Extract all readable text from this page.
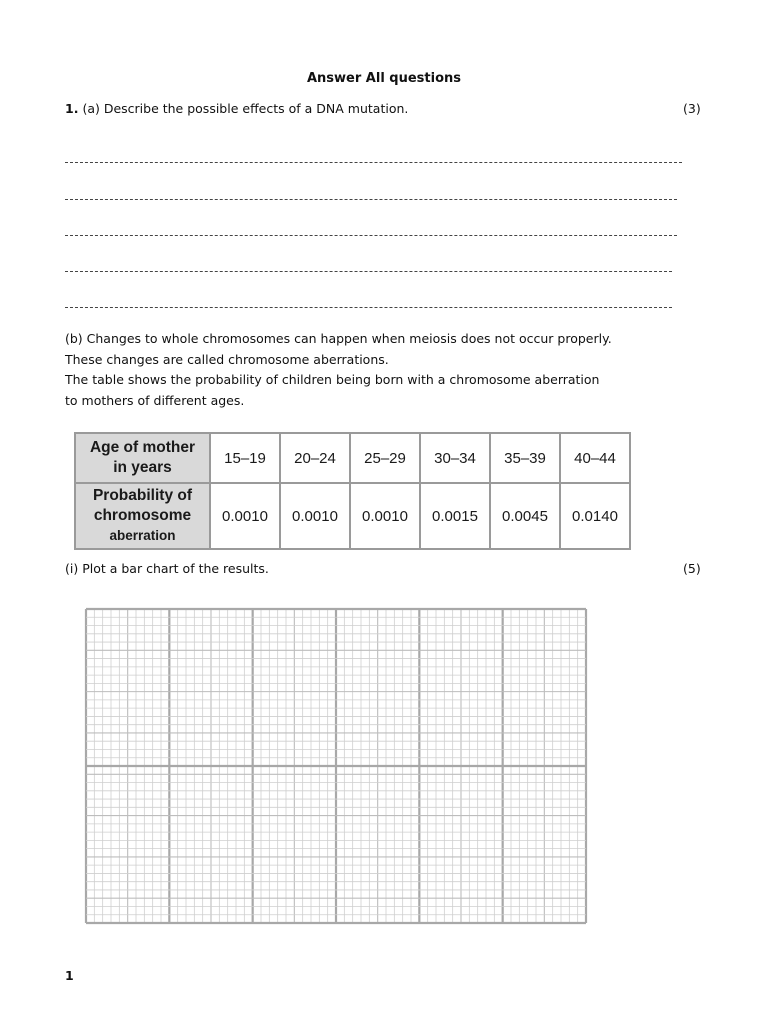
Answer All questions
1. (a) Describe the possible effects of a DNA mutation.	(3)
(b) Changes to whole chromosomes can happen when meiosis does not occur properly.
These changes are called chromosome aberrations.
The table shows the probability of children being born with a chromosome aberration
to mothers of different ages.
Age of mother
in years	15–19	20–24	25–29	30–34	35–39	40–44

Probability of
chromosome
aberration	0.0010	0.0010	0.0010	0.0015	0.0045	0.0140
(i) Plot a bar chart of the results.	(5)
1
